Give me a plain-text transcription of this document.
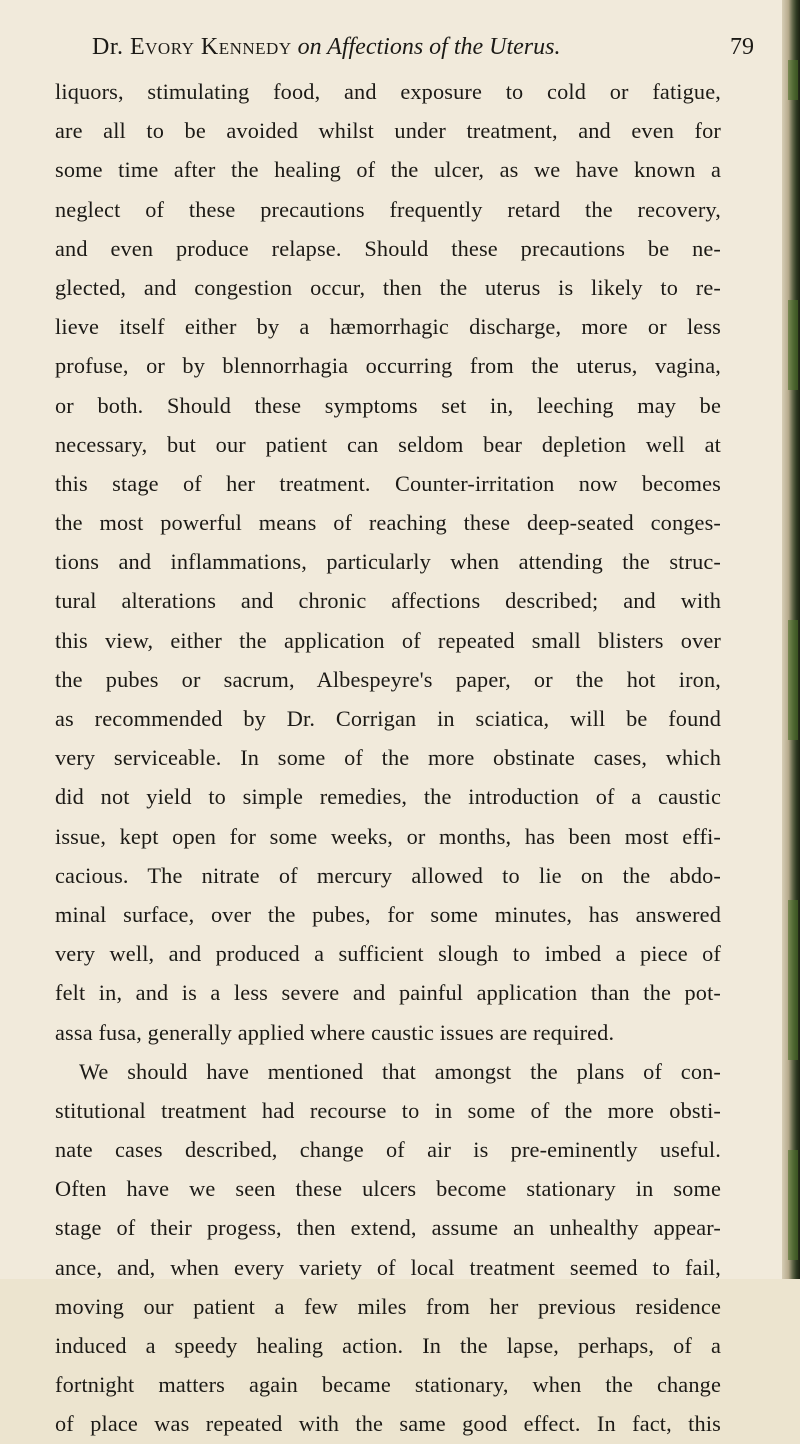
Dr. Evory Kennedy on Affections of the Uterus.	79
liquors, stimulating food, and exposure to cold or fatigue,
are all to be avoided whilst under treatment, and even for
some time after the healing of the ulcer, as we have known a
neglect of these precautions frequently retard the recovery,
and even produce relapse. Should these precautions be ne-
glected, and congestion occur, then the uterus is likely to re-
lieve itself either by a hæmorrhagic discharge, more or less
profuse, or by blennorrhagia occurring from the uterus, vagina,
or both. Should these symptoms set in, leeching may be
necessary, but our patient can seldom bear depletion well at
this stage of her treatment. Counter-irritation now becomes
the most powerful means of reaching these deep-seated conges-
tions and inflammations, particularly when attending the struc-
tural alterations and chronic affections described; and with
this view, either the application of repeated small blisters over
the pubes or sacrum, Albespeyre's paper, or the hot iron,
as recommended by Dr. Corrigan in sciatica, will be found
very serviceable. In some of the more obstinate cases, which
did not yield to simple remedies, the introduction of a caustic
issue, kept open for some weeks, or months, has been most effi-
cacious. The nitrate of mercury allowed to lie on the abdo-
minal surface, over the pubes, for some minutes, has answered
very well, and produced a sufficient slough to imbed a piece of
felt in, and is a less severe and painful application than the pot-
assa fusa, generally applied where caustic issues are required.
We should have mentioned that amongst the plans of con-
stitutional treatment had recourse to in some of the more obsti-
nate cases described, change of air is pre-eminently useful.
Often have we seen these ulcers become stationary in some
stage of their progess, then extend, assume an unhealthy appear-
ance, and, when every variety of local treatment seemed to fail,
moving our patient a few miles from her previous residence
induced a speedy healing action. In the lapse, perhaps, of a
fortnight matters again became stationary, when the change
of place was repeated with the same good effect. In fact, this
